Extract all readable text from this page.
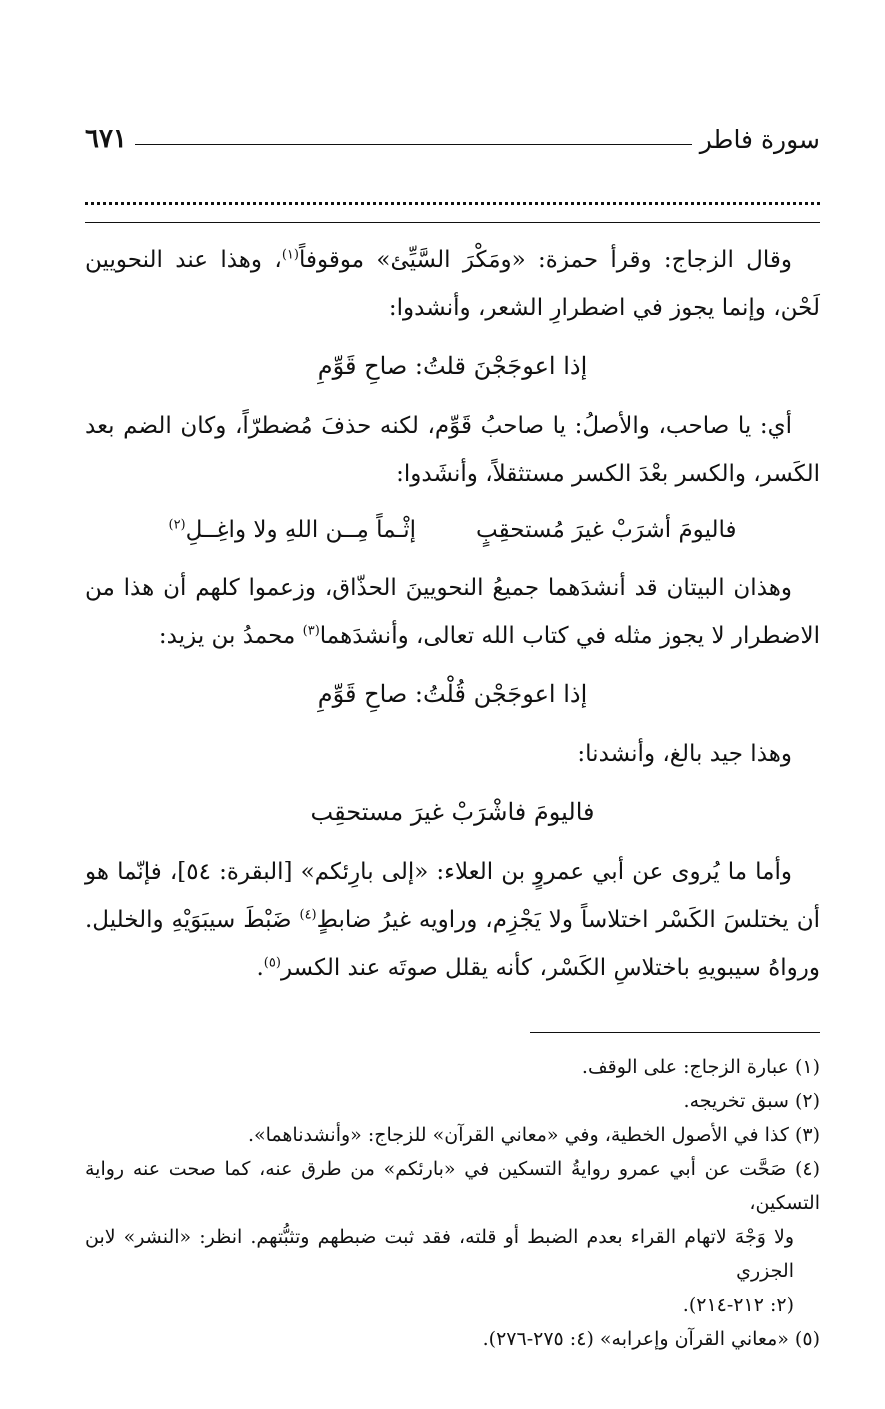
سورة فاطر
٦٧١

وقال الزجاج: وقرأ حمزة: «ومَكْرَ السَّيِّئ» موقوفاً$^{(١)}$، وهذا عند النحويين لَحْن، وإنما يجوز في اضطرارِ الشعر، وأنشدوا:

إذا اعوجَجْنَ قلتُ: صاحِ قَوِّمِ

أي: يا صاحب، والأصلُ: يا صاحبُ قَوِّم، لكنه حذفَ مُضطرّاً، وكان الضم بعد الكَسر، والكسر بعْدَ الكسر مستثقلاً، وأنشَدوا:

فاليومَ أشرَبْ غيرَ مُستحقِبٍ
إثْـماً مِــن اللهِ ولا واغِــلِ$^{(٢)}$

وهذان البيتان قد أنشدَهما جميعُ النحويينَ الحذّاق، وزعموا كلهم أن هذا من الاضطرار لا يجوز مثله في كتاب الله تعالى، وأنشدَهما$^{(٣)}$ محمدُ بن يزيد:

إذا اعوجَجْن قُلْتُ: صاحِ قَوِّمِ

وهذا جيد بالغ، وأنشدنا:

فاليومَ فاشْرَبْ غيرَ مستحقِب

وأما ما يُروى عن أبي عمروٍ بن العلاء: «إلى بارِئكم» [البقرة: ٥٤]، فإنّما هو أن يختلسَ الكَسْر اختلاساً ولا يَجْزِم، وراويه غيرُ ضابطٍ$^{(٤)}$ ضَبْطَ سيبَوَيْهِ والخليل. ورواهُ سيبويهِ باختلاسِ الكَسْر، كأنه يقلل صوتَه عند الكسر$^{(٥)}$.

(١) عبارة الزجاج: على الوقف.

(٢) سبق تخريجه.

(٣) كذا في الأصول الخطية، وفي «معاني القرآن» للزجاج: «وأنشدناهما».

(٤) صَحَّت عن أبي عمرو روايةُ التسكين في «بارئكم» من طرق عنه، كما صحت عنه رواية التسكين،

ولا وَجْهَ لاتهام القراء بعدم الضبط أو قلته، فقد ثبت ضبطهم وتثبُّتهم. انظر: «النشر» لابن الجزري

(٢: ٢١٢-٢١٤).

(٥) «معاني القرآن وإعرابه» (٤: ٢٧٥-٢٧٦).
